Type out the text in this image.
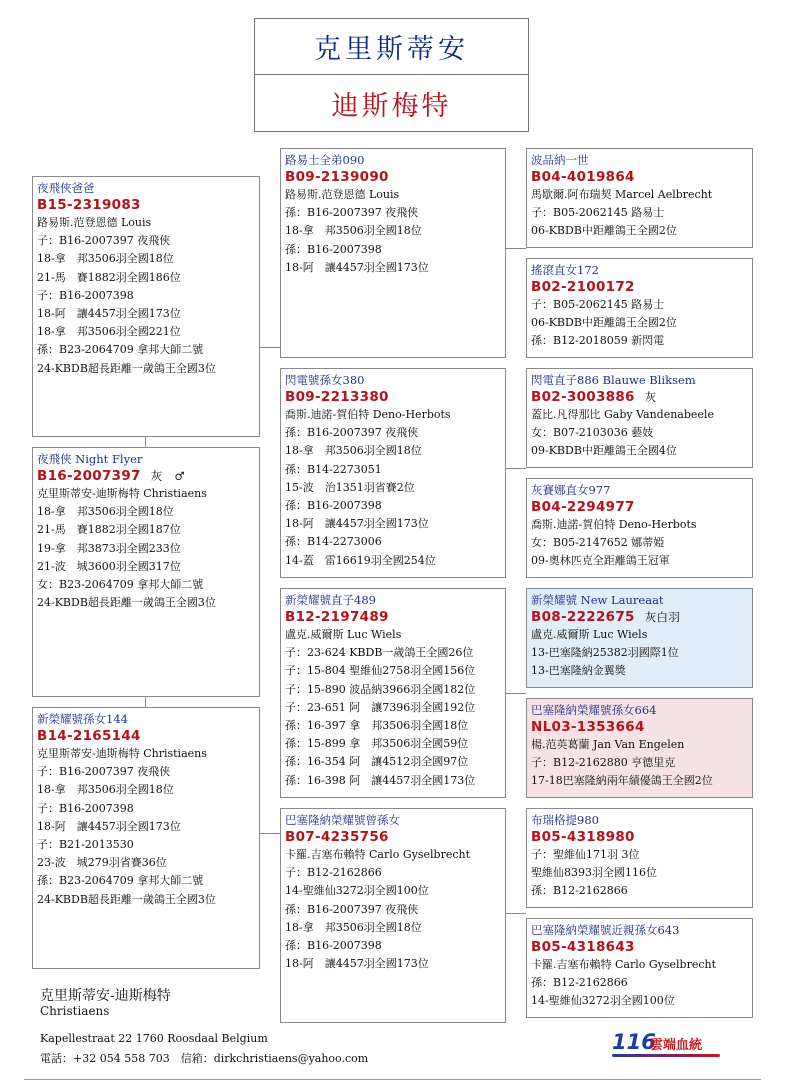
克里斯蒂安
迪斯梅特
夜飛俠爸爸
B15-2319083
路易斯.范登恩德 Louis
子：B16-2007397 夜飛俠
18-拿　邦3506羽全國18位
21-馬　賽1882羽全國186位
子：B16-2007398
18-阿　讓4457羽全國173位
18-拿　邦3506羽全國221位
孫：B23-2064709 拿邦大師二號
24-KBDB超長距離一歲鴿王全國3位
夜飛俠 Night Flyer
B16-2007397 灰　♂
克里斯蒂安-迪斯梅特 Christiaens
18-拿　邦3506羽全國18位
21-馬　賽1882羽全國187位
19-拿　邦3873羽全國233位
21-波　城3600羽全國317位
女：B23-2064709 拿邦大師二號
24-KBDB超長距離一歲鴿王全國3位
新榮耀號孫女144
B14-2165144
克里斯蒂安-迪斯梅特 Christiaens
子：B16-2007397 夜飛俠
18-拿　邦3506羽全國18位
子：B16-2007398
18-阿　讓4457羽全國173位
子：B21-2013530
23-波　城279羽省賽36位
孫：B23-2064709 拿邦大師二號
24-KBDB超長距離一歲鴿王全國3位
路易士全弟090
B09-2139090
路易斯.范登恩德 Louis
孫：B16-2007397 夜飛俠
18-拿　邦3506羽全國18位
孫：B16-2007398
18-阿　讓4457羽全國173位
閃電號孫女380
B09-2213380
喬斯.迪諾-賀伯特 Deno-Herbots
孫：B16-2007397 夜飛俠
18-拿　邦3506羽全國18位
孫：B14-2273051
15-波　治1351羽省賽2位
孫：B16-2007398
18-阿　讓4457羽全國173位
孫：B14-2273006
14-蓋　雷16619羽全國254位
新榮耀號直子489
B12-2197489
盧克.威爾斯 Luc Wiels
子：23-624 KBDB一歲鴿王全國26位
子：15-804 聖維仙2758羽全國156位
子：15-890 波品納3966羽全國182位
子：23-651 阿　讓7396羽全國192位
孫：16-397 拿　邦3506羽全國18位
孫：15-899 拿　邦3506羽全國59位
孫：16-354 阿　讓4512羽全國97位
孫：16-398 阿　讓4457羽全國173位
巴塞隆納榮耀號曾孫女
B07-4235756
卡羅.吉塞布賴特 Carlo Gyselbrecht
子：B12-2162866
14-聖維仙3272羽全國100位
孫：B16-2007397 夜飛俠
18-拿　邦3506羽全國18位
孫：B16-2007398
18-阿　讓4457羽全國173位
波品納一世
B04-4019864
馬歇爾.阿布瑞契 Marcel Aelbrecht
子：B05-2062145 路易士
06-KBDB中距離鴿王全國2位
搖滾直女172
B02-2100172
子：B05-2062145 路易士
06-KBDB中距離鴿王全國2位
孫：B12-2018059 新閃電
閃電直子886 Blauwe Bliksem
B02-3003886 灰
蓋比.凡得那比 Gaby Vandenabeele
女：B07-2103036 藝妓
09-KBDB中距離鴿王全國4位
灰賽娜直女977
B04-2294977
喬斯.迪諾-賀伯特 Deno-Herbots
女：B05-2147652 娜蒂婭
09-奧林匹克全距離鴿王冠軍
新榮耀號 New Laureaat
B08-2222675 灰白羽
盧克.威爾斯 Luc Wiels
13-巴塞隆納25382羽國際1位
13-巴塞隆納金翼獎
巴塞隆納榮耀號孫女664
NL03-1353664
楊.范英葛蘭 Jan Van Engelen
子：B12-2162880 亨德里克
17-18巴塞隆納兩年績優鴿王全國2位
布瑞格提980
B05-4318980
子：聖維仙171羽 3位
聖維仙8393羽全國116位
孫：B12-2162866
巴塞隆納榮耀號近親孫女643
B05-4318643
卡羅.吉塞布賴特 Carlo Gyselbrecht
孫：B12-2162866
14-聖維仙3272羽全國100位
克里斯蒂安-迪斯梅特
Christiaens
Kapellestraat 22 1760 Roosdaal Belgium
電話：+32 054 558 703　信箱：dirkchristiaens@yahoo.com
116
雲端血統
